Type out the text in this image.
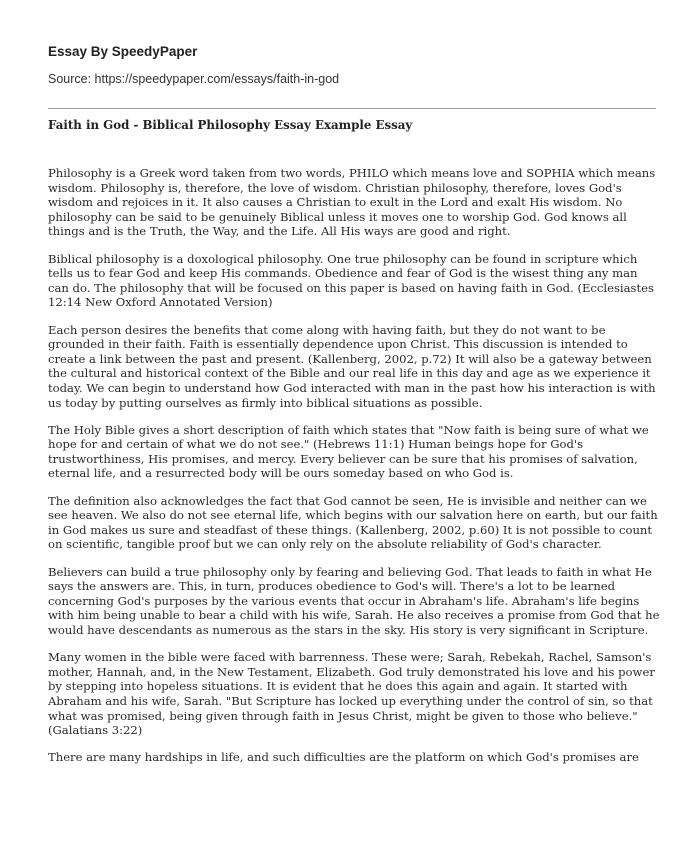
Essay By SpeedyPaper
Source: https://speedypaper.com/essays/faith-in-god
Faith in God - Biblical Philosophy Essay Example Essay

Philosophy is a Greek word taken from two words, PHILO which means love and SOPHIA which means wisdom. Philosophy is, therefore, the love of wisdom. Christian philosophy, therefore, loves God's wisdom and rejoices in it. It also causes a Christian to exult in the Lord and exalt His wisdom. No philosophy can be said to be genuinely Biblical unless it moves one to worship God. God knows all things and is the Truth, the Way, and the Life. All His ways are good and right.

Biblical philosophy is a doxological philosophy. One true philosophy can be found in scripture which tells us to fear God and keep His commands. Obedience and fear of God is the wisest thing any man can do. The philosophy that will be focused on this paper is based on having faith in God. (Ecclesiastes 12:14 New Oxford Annotated Version)

Each person desires the benefits that come along with having faith, but they do not want to be grounded in their faith. Faith is essentially dependence upon Christ. This discussion is intended to create a link between the past and present. (Kallenberg, 2002, p.72) It will also be a gateway between the cultural and historical context of the Bible and our real life in this day and age as we experience it today. We can begin to understand how God interacted with man in the past how his interaction is with us today by putting ourselves as firmly into biblical situations as possible.

The Holy Bible gives a short description of faith which states that "Now faith is being sure of what we hope for and certain of what we do not see." (Hebrews 11:1) Human beings hope for God's trustworthiness, His promises, and mercy. Every believer can be sure that his promises of salvation, eternal life, and a resurrected body will be ours someday based on who God is.

The definition also acknowledges the fact that God cannot be seen, He is invisible and neither can we see heaven. We also do not see eternal life, which begins with our salvation here on earth, but our faith in God makes us sure and steadfast of these things. (Kallenberg, 2002, p.60) It is not possible to count on scientific, tangible proof but we can only rely on the absolute reliability of God's character.

Believers can build a true philosophy only by fearing and believing God. That leads to faith in what He says the answers are. This, in turn, produces obedience to God's will. There's a lot to be learned concerning God's purposes by the various events that occur in Abraham's life. Abraham's life begins with him being unable to bear a child with his wife, Sarah. He also receives a promise from God that he would have descendants as numerous as the stars in the sky. His story is very significant in Scripture.

Many women in the bible were faced with barrenness. These were; Sarah, Rebekah, Rachel, Samson's mother, Hannah, and, in the New Testament, Elizabeth. God truly demonstrated his love and his power by stepping into hopeless situations. It is evident that he does this again and again. It started with Abraham and his wife, Sarah. "But Scripture has locked up everything under the control of sin, so that what was promised, being given through faith in Jesus Christ, might be given to those who believe." (Galatians 3:22)

There are many hardships in life, and such difficulties are the platform on which God's promises are
